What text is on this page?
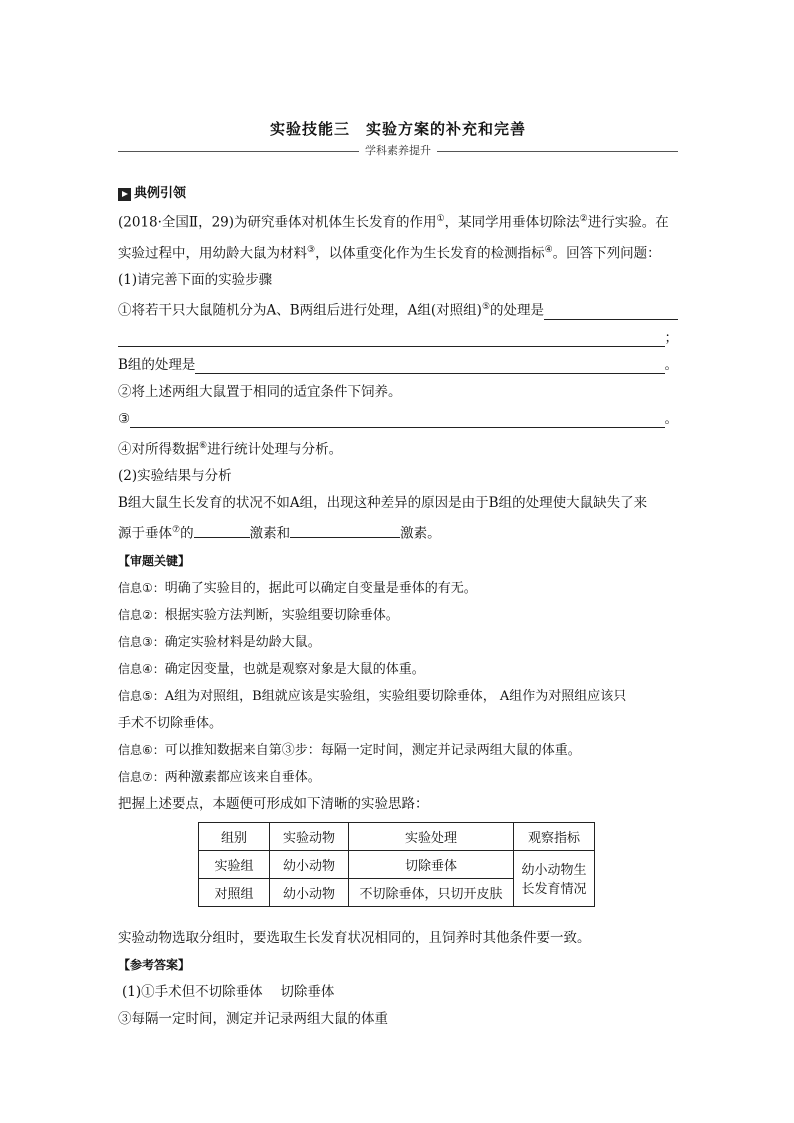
实验技能三　实验方案的补充和完善
学科素养提升
典例引领

(2018·全国Ⅱ，29)为研究垂体对机体生长发育的作用①，某同学用垂体切除法②进行实验。在实验过程中，用幼龄大鼠为材料③，以体重变化作为生长发育的检测指标④。回答下列问题：

(1)请完善下面的实验步骤

①将若干只大鼠随机分为A、B两组后进行处理，A组(对照组)⑤的处理是

；

B组的处理是	。

②将上述两组大鼠置于相同的适宜条件下饲养。

③	。

④对所得数据⑥进行统计处理与分析。

(2)实验结果与分析

B组大鼠生长发育的状况不如A组，出现这种差异的原因是由于B组的处理使大鼠缺失了来

源于垂体⑦的	激素和	激素。

【审题关键】
信息①：明确了实验目的，据此可以确定自变量是垂体的有无。
信息②：根据实验方法判断，实验组要切除垂体。
信息③：确定实验材料是幼龄大鼠。
信息④：确定因变量，也就是观察对象是大鼠的体重。
信息⑤：A组为对照组，B组就应该是实验组，实验组要切除垂体， A组作为对照组应该只
手术不切除垂体。
信息⑥：可以推知数据来自第③步：每隔一定时间，测定并记录两组大鼠的体重。
信息⑦：两种激素都应该来自垂体。

把握上述要点，本题便可形成如下清晰的实验思路：

组别	实验动物	实验处理	观察指标
实验组	幼小动物	切除垂体	幼小动物生
长发育情况
对照组	幼小动物	不切除垂体，只切开皮肤	

实验动物选取分组时，要选取生长发育状况相同的，且饲养时其他条件要一致。

【参考答案】

(1)①手术但不切除垂体　 切除垂体

③每隔一定时间，测定并记录两组大鼠的体重
